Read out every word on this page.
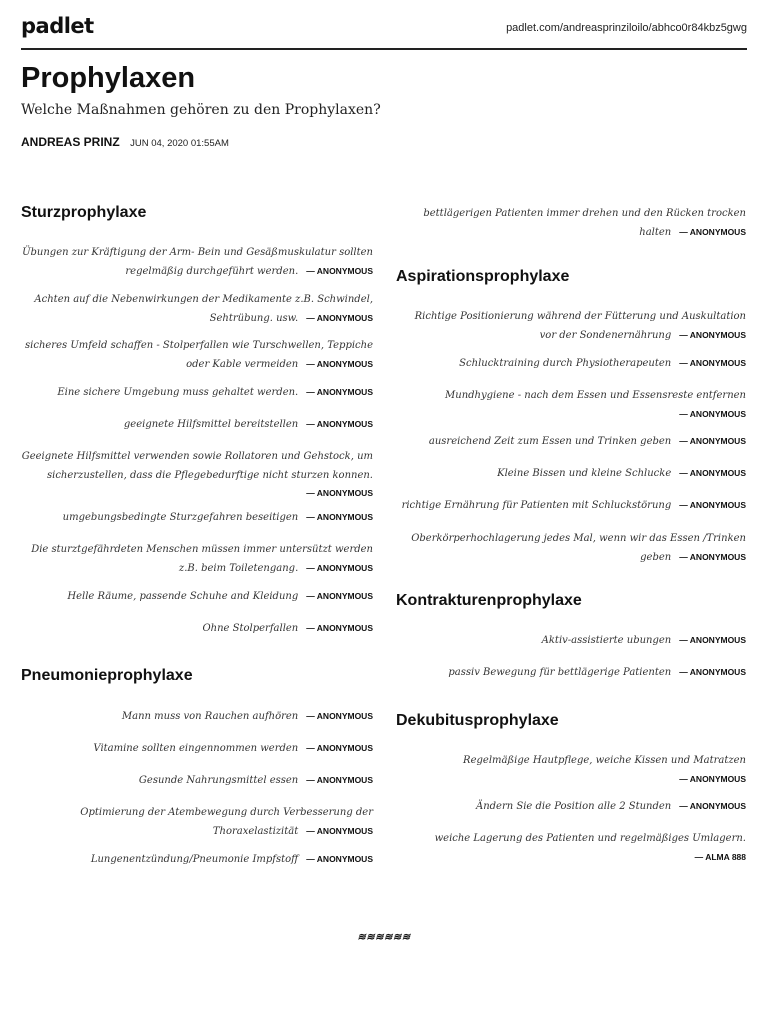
padlet	padlet.com/andreasprinziloilo/abhco0r84kbz5gwg
Prophylaxen
Welche Maßnahmen gehören zu den Prophylaxen?
ANDREAS PRINZ JUN 04, 2020 01:55AM
Sturzprophylaxe
Übungen zur Kräftigung der Arm- Bein und Gesäßmuskulatur sollten regelmäßig durchgeführt werden. — ANONYMOUS
Achten auf die Nebenwirkungen der Medikamente z.B. Schwindel, Sehtrübung. usw. — ANONYMOUS
sicheres Umfeld schaffen - Stolperfallen wie Turschwellen, Teppiche oder Kable vermeiden — ANONYMOUS
Eine sichere Umgebung muss gehaltet werden. — ANONYMOUS
geeignete Hilfsmittel bereitstellen — ANONYMOUS
Geeignete Hilfsmittel verwenden sowie Rollatoren und Gehstock, um sicherzustellen, dass die Pflegebedurftige nicht sturzen konnen.— ANONYMOUS
umgebungsbedingte Sturzgefahren beseitigen — ANONYMOUS
Die sturztgefährdeten Menschen müssen immer untersützt werden z.B. beim Toiletengang. — ANONYMOUS
Helle Räume, passende Schuhe and Kleidung — ANONYMOUS
Ohne Stolperfallen — ANONYMOUS
Pneumonieprophylaxe
Mann muss von Rauchen aufhören — ANONYMOUS
Vitamine sollten eingennommen werden — ANONYMOUS
Gesunde Nahrungsmittel essen — ANONYMOUS
Optimierung der Atembewegung durch Verbesserung der Thoraxelastizität — ANONYMOUS
Lungenentzündung/Pneumonie Impfstoff — ANONYMOUS
bettlägerigen Patienten immer drehen und den Rücken trocken halten — ANONYMOUS
Aspirationsprophylaxe
Richtige Positionierung während der Fütterung und Auskultation vor der Sondenernährung — ANONYMOUS
Schlucktraining durch Physiotherapeuten — ANONYMOUS
Mundhygiene - nach dem Essen und Essensreste entfernen— ANONYMOUS
ausreichend Zeit zum Essen und Trinken geben — ANONYMOUS
Kleine Bissen und kleine Schlucke — ANONYMOUS
richtige Ernährung für Patienten mit Schluckstörung — ANONYMOUS
Oberkörperhochlagerung jedes Mal, wenn wir das Essen /Trinken geben — ANONYMOUS
Kontrakturenprophylaxe
Aktiv-assistierte ubungen — ANONYMOUS
passiv Bewegung für bettlägerige Patienten — ANONYMOUS
Dekubitusprophylaxe
Regelmäßige Hautpflege, weiche Kissen und Matratzen— ANONYMOUS
Ändern Sie die Position alle 2 Stunden — ANONYMOUS
weiche Lagerung des Patienten und regelmäßiges Umlagern.— ALMA 888
≋≋≋≋≋≋
